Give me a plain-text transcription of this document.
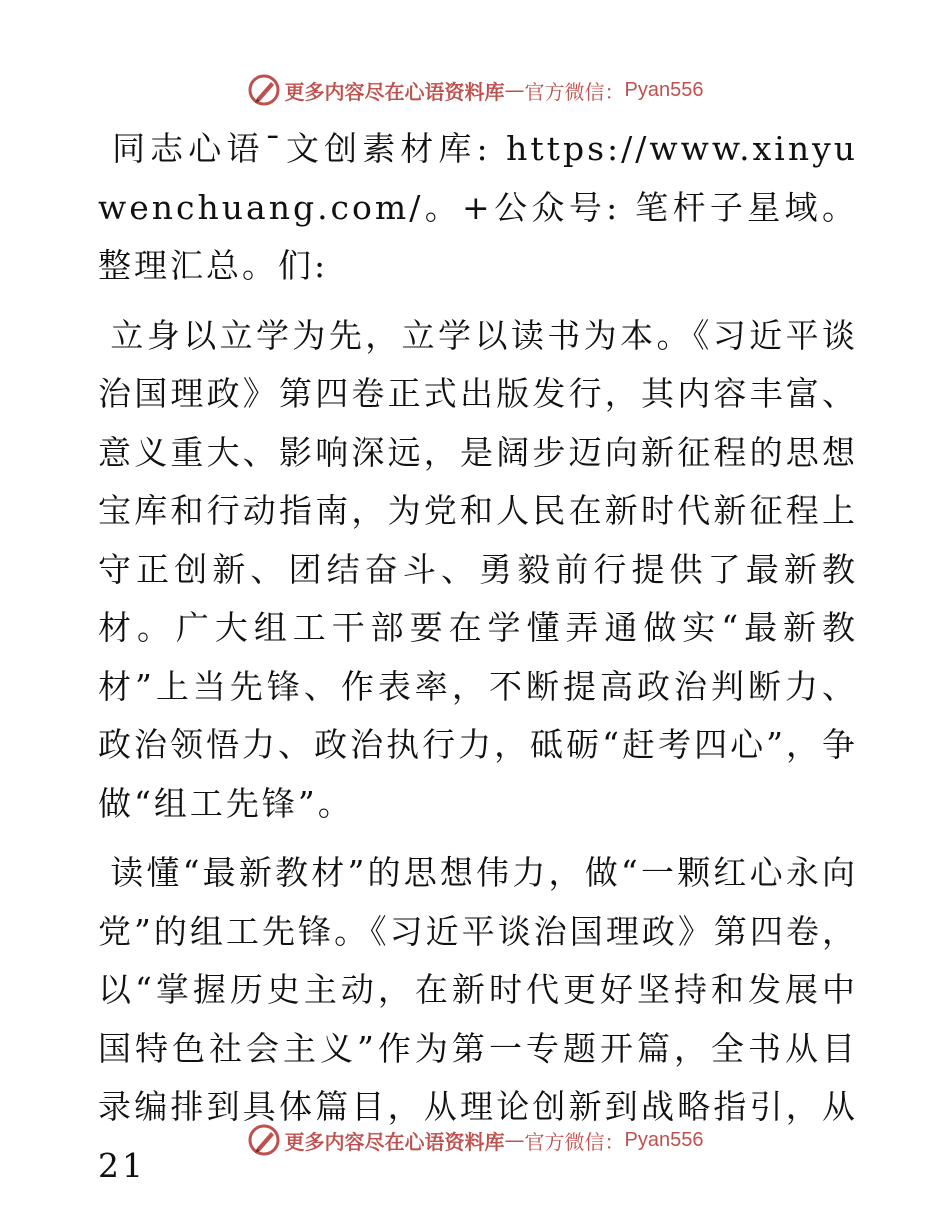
更多内容尽在心语资料库 — 官方微信： Pyan556

同志心语¯文创素材库: https://www.xinyuwenchuang.com/。+公众号: 笔杆子星域。整理汇总。们:

立身以立学为先，立学以读书为本。《习近平谈治国理政》第四卷正式出版发行，其内容丰富、意义重大、影响深远，是阔步迈向新征程的思想宝库和行动指南，为党和人民在新时代新征程上守正创新、团结奋斗、勇毅前行提供了最新教材。广大组工干部要在学懂弄通做实“最新教材”上当先锋、作表率，不断提高政治判断力、政治领悟力、政治执行力，砥砺“赶考四心”，争做“组工先锋”。

读懂“最新教材”的思想伟力，做“一颗红心永向党”的组工先锋。《习近平谈治国理政》第四卷，以“掌握历史主动，在新时代更好坚持和发展中国特色社会主义”作为第一专题开篇，全书从目录编排到具体篇目，从理论创新到战略指引，从21

更多内容尽在心语资料库 — 官方微信： Pyan556
